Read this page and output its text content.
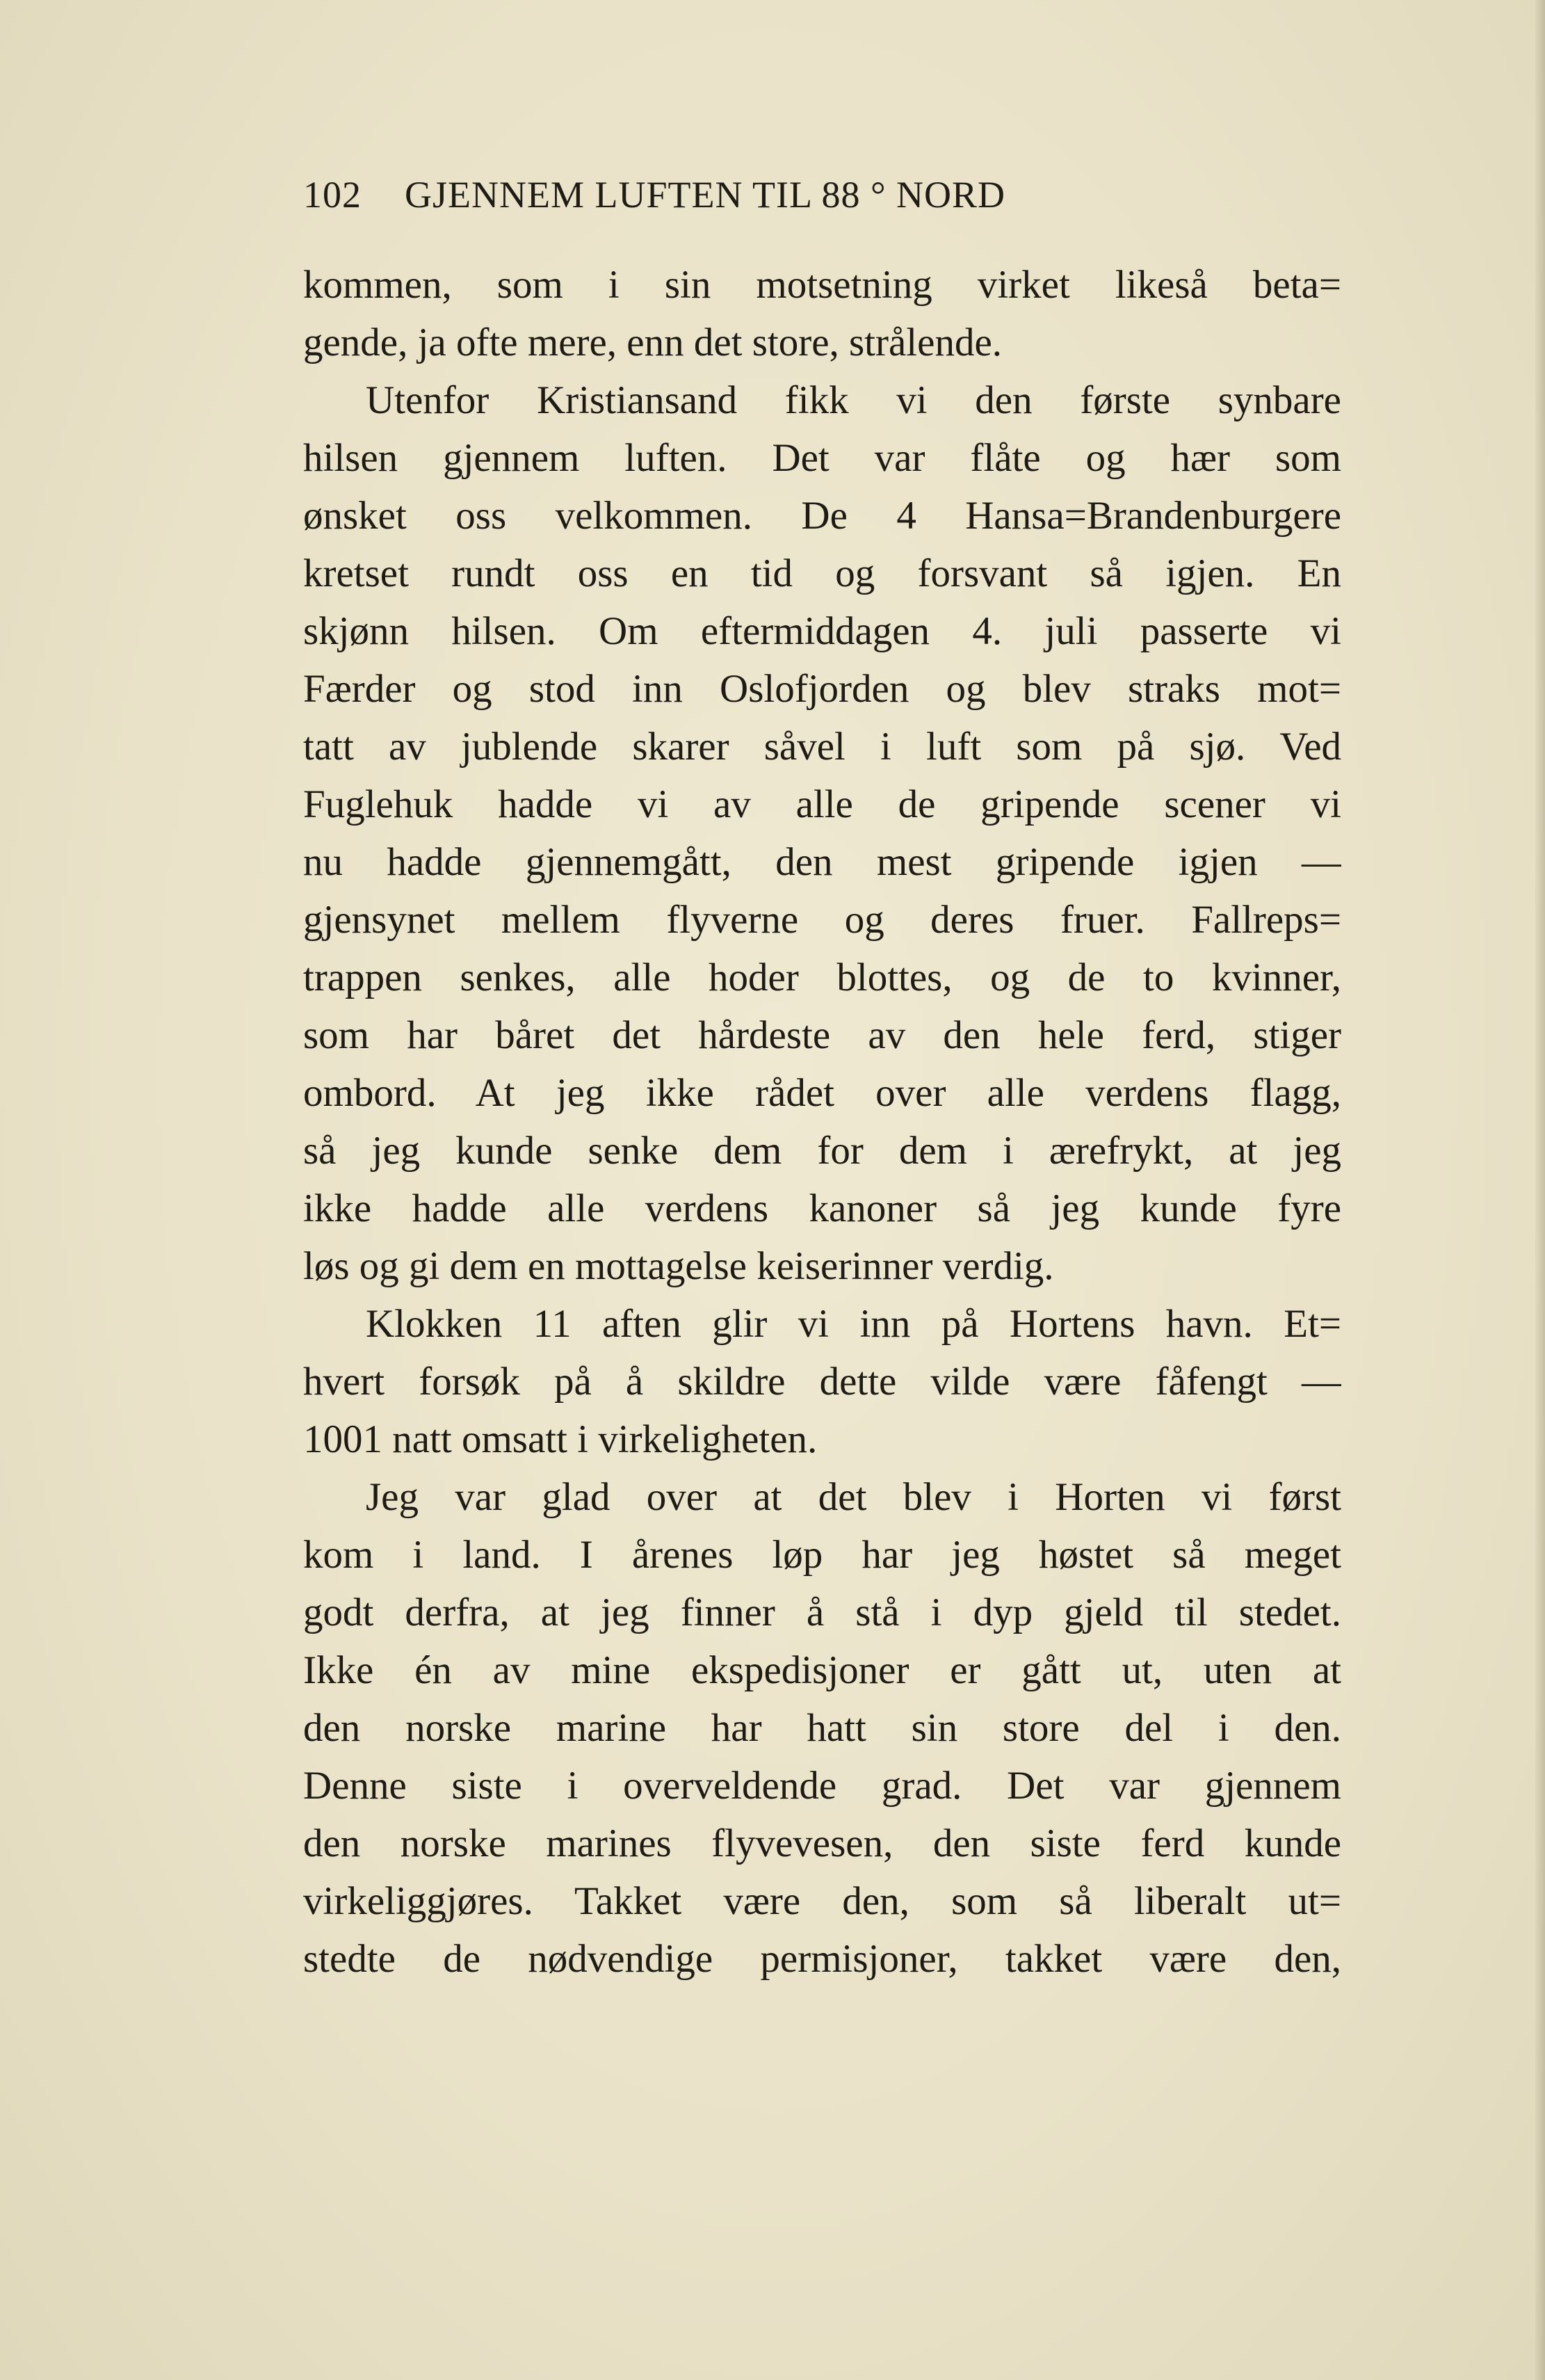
102 GJENNEM LUFTEN TIL 88 ° NORD
kommen, som i sin motsetning virket likeså beta=
gende, ja ofte mere, enn det store, strålende.
Utenfor Kristiansand fikk vi den første synbare
hilsen gjennem luften. Det var flåte og hær som
ønsket oss velkommen. De 4 Hansa=Brandenburgere
kretset rundt oss en tid og forsvant så igjen. En
skjønn hilsen. Om eftermiddagen 4. juli passerte vi
Færder og stod inn Oslofjorden og blev straks mot=
tatt av jublende skarer såvel i luft som på sjø. Ved
Fuglehuk hadde vi av alle de gripende scener vi
nu hadde gjennemgått, den mest gripende igjen —
gjensynet mellem flyverne og deres fruer. Fallreps=
trappen senkes, alle hoder blottes, og de to kvinner,
som har båret det hårdeste av den hele ferd, stiger
ombord. At jeg ikke rådet over alle verdens flagg,
så jeg kunde senke dem for dem i ærefrykt, at jeg
ikke hadde alle verdens kanoner så jeg kunde fyre
løs og gi dem en mottagelse keiserinner verdig.
Klokken 11 aften glir vi inn på Hortens havn. Et=
hvert forsøk på å skildre dette vilde være fåfengt —
1001 natt omsatt i virkeligheten.
Jeg var glad over at det blev i Horten vi først
kom i land. I årenes løp har jeg høstet så meget
godt derfra, at jeg finner å stå i dyp gjeld til stedet.
Ikke én av mine ekspedisjoner er gått ut, uten at
den norske marine har hatt sin store del i den.
Denne siste i overveldende grad. Det var gjennem
den norske marines flyvevesen, den siste ferd kunde
virkeliggjøres. Takket være den, som så liberalt ut=
stedte de nødvendige permisjoner, takket være den,
